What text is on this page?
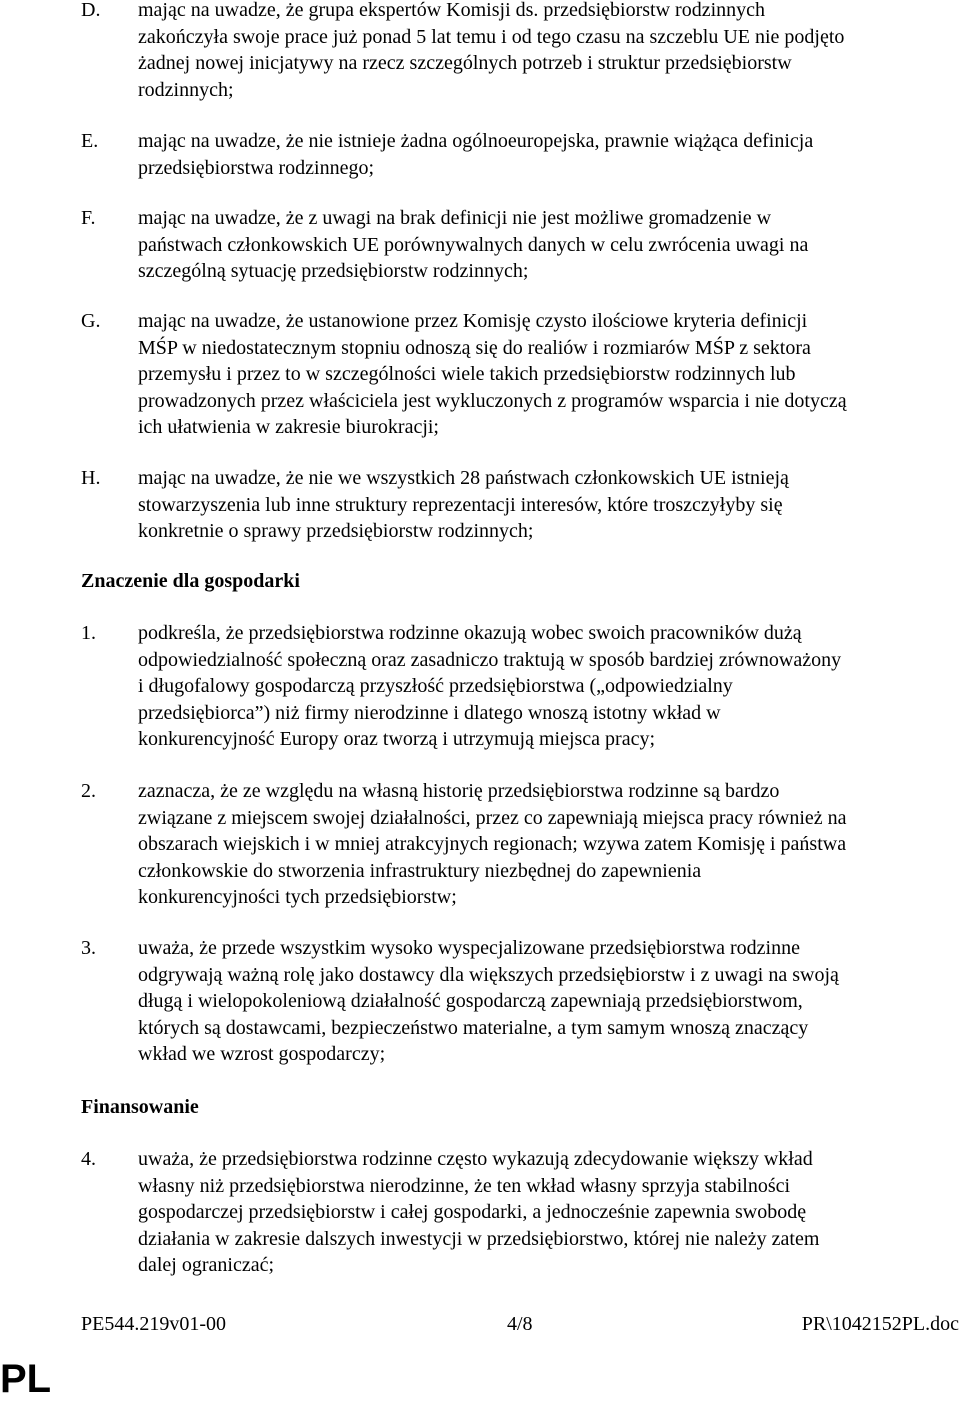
D. mając na uwadze, że grupa ekspertów Komisji ds. przedsiębiorstw rodzinnych
zakończyła swoje prace już ponad 5 lat temu i od tego czasu na szczeblu UE nie podjęto
żadnej nowej inicjatywy na rzecz szczególnych potrzeb i struktur przedsiębiorstw
rodzinnych;

E. mając na uwadze, że nie istnieje żadna ogólnoeuropejska, prawnie wiążąca definicja
przedsiębiorstwa rodzinnego;

F. mając na uwadze, że z uwagi na brak definicji nie jest możliwe gromadzenie w
państwach członkowskich UE porównywalnych danych w celu zwrócenia uwagi na
szczególną sytuację przedsiębiorstw rodzinnych;

G. mając na uwadze, że ustanowione przez Komisję czysto ilościowe kryteria definicji
MŚP w niedostatecznym stopniu odnoszą się do realiów i rozmiarów MŚP z sektora
przemysłu i przez to w szczególności wiele takich przedsiębiorstw rodzinnych lub
prowadzonych przez właściciela jest wykluczonych z programów wsparcia i nie dotyczą
ich ułatwienia w zakresie biurokracji;

H. mając na uwadze, że nie we wszystkich 28 państwach członkowskich UE istnieją
stowarzyszenia lub inne struktury reprezentacji interesów, które troszczyłyby się
konkretnie o sprawy przedsiębiorstw rodzinnych;

Znaczenie dla gospodarki
1. podkreśla, że przedsiębiorstwa rodzinne okazują wobec swoich pracowników dużą
odpowiedzialność społeczną oraz zasadniczo traktują w sposób bardziej zrównoważony
i długofalowy gospodarczą przyszłość przedsiębiorstwa („odpowiedzialny
przedsiębiorca”) niż firmy nierodzinne i dlatego wnoszą istotny wkład w
konkurencyjność Europy oraz tworzą i utrzymują miejsca pracy;

2. zaznacza, że ze względu na własną historię przedsiębiorstwa rodzinne są bardzo
związane z miejscem swojej działalności, przez co zapewniają miejsca pracy również na
obszarach wiejskich i w mniej atrakcyjnych regionach; wzywa zatem Komisję i państwa
członkowskie do stworzenia infrastruktury niezbędnej do zapewnienia
konkurencyjności tych przedsiębiorstw;

3. uważa, że przede wszystkim wysoko wyspecjalizowane przedsiębiorstwa rodzinne
odgrywają ważną rolę jako dostawcy dla większych przedsiębiorstw i z uwagi na swoją
długą i wielopokoleniową działalność gospodarczą zapewniają przedsiębiorstwom,
których są dostawcami, bezpieczeństwo materialne, a tym samym wnoszą znaczący
wkład we wzrost gospodarczy;

Finansowanie
4. uważa, że przedsiębiorstwa rodzinne często wykazują zdecydowanie większy wkład
własny niż przedsiębiorstwa nierodzinne, że ten wkład własny sprzyja stabilności
gospodarczej przedsiębiorstw i całej gospodarki, a jednocześnie zapewnia swobodę
działania w zakresie dalszych inwestycji w przedsiębiorstwo, której nie należy zatem
dalej ograniczać;

PE544.219v01-00	4/8	PR\1042152PL.doc
PL
